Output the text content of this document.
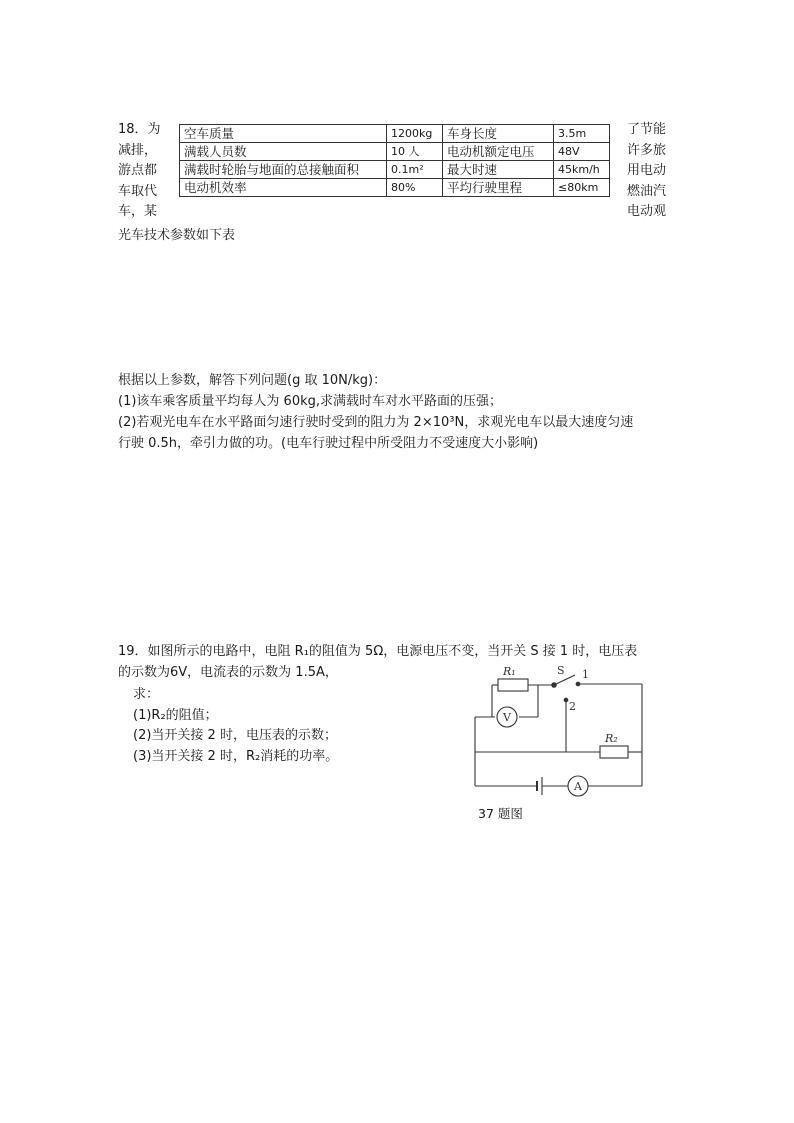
18．为
减排，
游点都
车取代
车，某
空车质量	1200kg	车身长度	3.5m
满载人员数	10 人	电动机额定电压	48V
满载时轮胎与地面的总接触面积	0.1m²	最大时速	45km/h
电动机效率	80%	平均行驶里程	≤80km
了节能
许多旅
用电动
燃油汽
电动观
光车技术参数如下表
根据以上参数，解答下列问题(g 取 10N/kg)：
(1)该车乘客质量平均每人为 60kg,求满载时车对水平路面的压强；
(2)若观光电车在水平路面匀速行驶时受到的阻力为 2×10³N，求观光电车以最大速度匀速
行驶 0.5h，牵引力做的功。(电车行驶过程中所受阻力不受速度大小影响)
19．如图所示的电路中，电阻 R₁的阻值为 5Ω，电源电压不变，当开关 S 接 1 时，电压表
的示数为6V，电流表的示数为 1.5A，
求：
(1)R₂的阻值；
(2)当开关接 2 时，电压表的示数；
(3)当开关接 2 时，R₂消耗的功率。
V
A
R₁
R₂
S 1
2
37 题图
